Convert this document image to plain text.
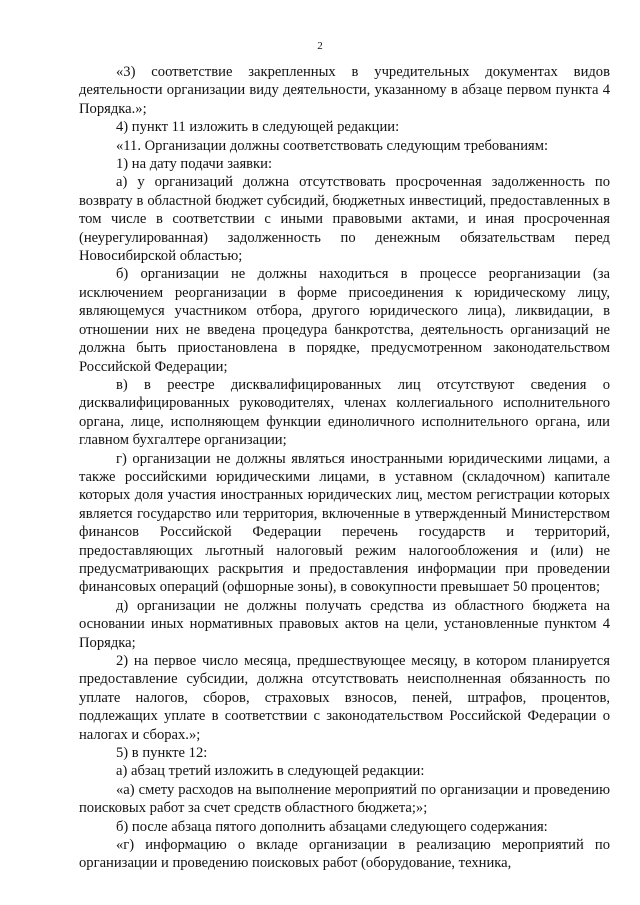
2

«3) соответствие закрепленных в учредительных документах видов деятельности организации виду деятельности, указанному в абзаце первом пункта 4 Порядка.»;

4) пункт 11 изложить в следующей редакции:

«11. Организации должны соответствовать следующим требованиям:

1) на дату подачи заявки:

а) у организаций должна отсутствовать просроченная задолженность по возврату в областной бюджет субсидий, бюджетных инвестиций, предоставленных в том числе в соответствии с иными правовыми актами, и иная просроченная (неурегулированная) задолженность по денежным обязательствам перед Новосибирской областью;

б) организации не должны находиться в процессе реорганизации (за исключением реорганизации в форме присоединения к юридическому лицу, являющемуся участником отбора, другого юридического лица), ликвидации, в отношении них не введена процедура банкротства, деятельность организаций не должна быть приостановлена в порядке, предусмотренном законодательством Российской Федерации;

в) в реестре дисквалифицированных лиц отсутствуют сведения о дисквалифицированных руководителях, членах коллегиального исполнительного органа, лице, исполняющем функции единоличного исполнительного органа, или главном бухгалтере организации;

г) организации не должны являться иностранными юридическими лицами, а также российскими юридическими лицами, в уставном (складочном) капитале которых доля участия иностранных юридических лиц, местом регистрации которых является государство или территория, включенные в утвержденный Министерством финансов Российской Федерации перечень государств и территорий, предоставляющих льготный налоговый режим налогообложения и (или) не предусматривающих раскрытия и предоставления информации при проведении финансовых операций (офшорные зоны), в совокупности превышает 50 процентов;

д) организации не должны получать средства из областного бюджета на основании иных нормативных правовых актов на цели, установленные пунктом 4 Порядка;

2) на первое число месяца, предшествующее месяцу, в котором планируется предоставление субсидии, должна отсутствовать неисполненная обязанность по уплате налогов, сборов, страховых взносов, пеней, штрафов, процентов, подлежащих уплате в соответствии с законодательством Российской Федерации о налогах и сборах.»;

5) в пункте 12:

а) абзац третий изложить в следующей редакции:

«а) смету расходов на выполнение мероприятий по организации и проведению поисковых работ за счет средств областного бюджета;»;

б) после абзаца пятого дополнить абзацами следующего содержания:

«г) информацию о вкладе организации в реализацию мероприятий по организации и проведению поисковых работ (оборудование, техника,
